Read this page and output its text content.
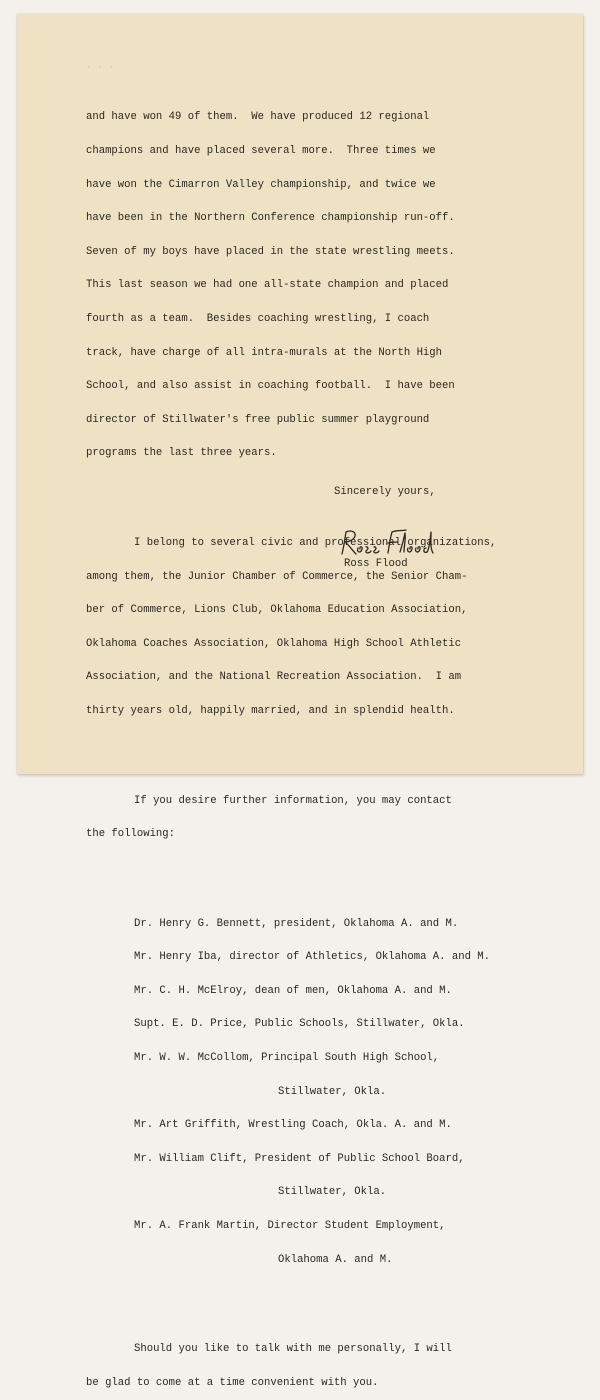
· · ·

and have won 49 of them.  We have produced 12 regional

champions and have placed several more.  Three times we

have won the Cimarron Valley championship, and twice we

have been in the Northern Conference championship run-off.

Seven of my boys have placed in the state wrestling meets.

This last season we had one all-state champion and placed

fourth as a team.  Besides coaching wrestling, I coach

track, have charge of all intra-murals at the North High

School, and also assist in coaching football.  I have been

director of Stillwater's free public summer playground

programs the last three years.

I belong to several civic and professional organizations,

among them, the Junior Chamber of Commerce, the Senior Cham-

ber of Commerce, Lions Club, Oklahoma Education Association,

Oklahoma Coaches Association, Oklahoma High School Athletic

Association, and the National Recreation Association.  I am

thirty years old, happily married, and in splendid health.

If you desire further information, you may contact

the following:

Dr. Henry G. Bennett, president, Oklahoma A. and M.

Mr. Henry Iba, director of Athletics, Oklahoma A. and M.

Mr. C. H. McElroy, dean of men, Oklahoma A. and M.

Supt. E. D. Price, Public Schools, Stillwater, Okla.

Mr. W. W. McCollom, Principal South High School,

Stillwater, Okla.

Mr. Art Griffith, Wrestling Coach, Okla. A. and M.

Mr. William Clift, President of Public School Board,

Stillwater, Okla.

Mr. A. Frank Martin, Director Student Employment,

Oklahoma A. and M.

Should you like to talk with me personally, I will

be glad to come at a time convenient with you.

Sincerely yours,
Ross Flood
